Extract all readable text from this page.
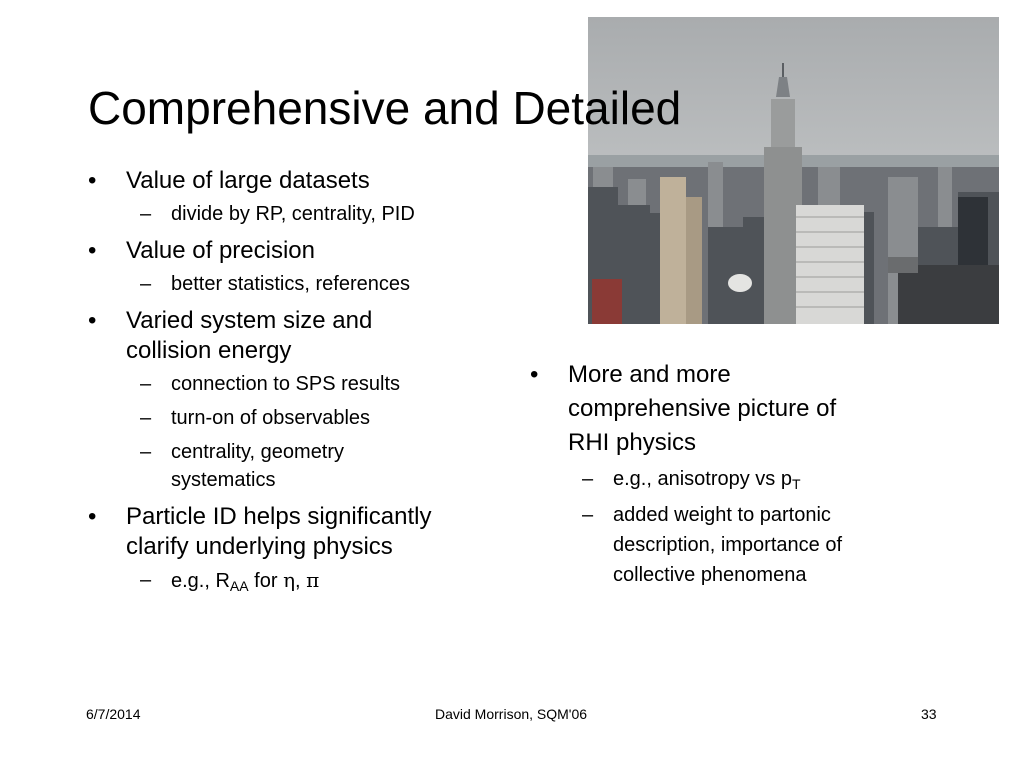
Comprehensive and Detailed
•	Value of large datasets
– divide by RP, centrality, PID
•	Value of precision
– better statistics, references
•	Varied system size and
collision energy
– connection to SPS results
– turn-on of observables
– centrality, geometry
systematics
•	Particle ID helps significantly
clarify underlying physics
– e.g., $R_{AA}$ for η, π
•	More and more
comprehensive picture of
RHI physics
– e.g., anisotropy vs $p_T$
– added weight to partonic
description, importance of
collective phenomena
6/7/2014	David Morrison, SQM'06	33
